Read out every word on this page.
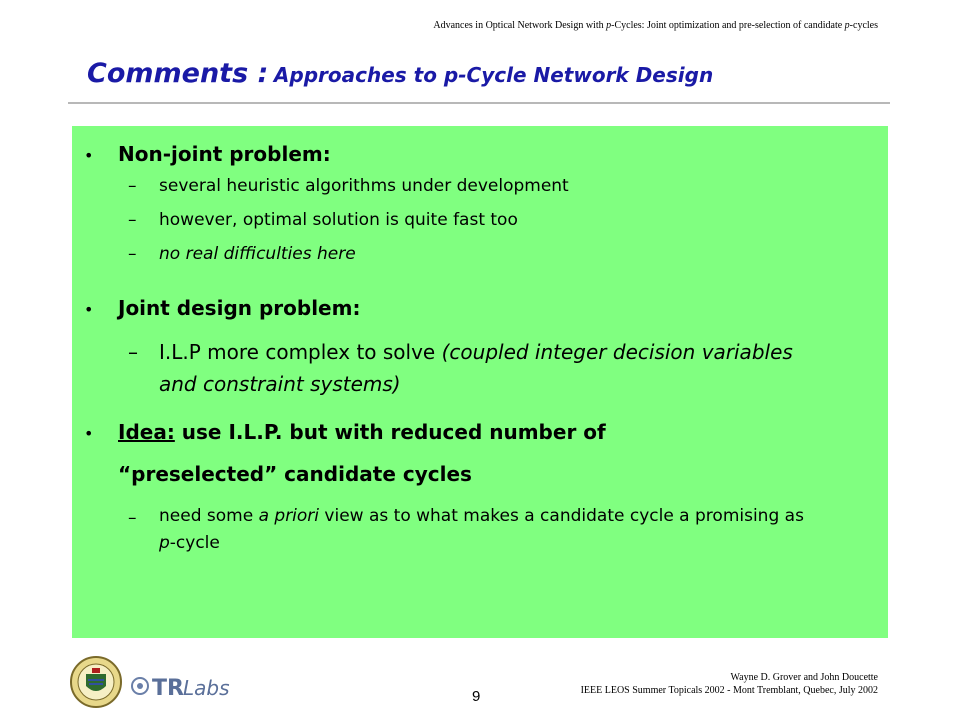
Advances in Optical Network Design with p-Cycles: Joint optimization and pre-selection of candidate p-cycles
Comments : Approaches to p-Cycle Network Design
• Non-joint problem:
– several heuristic algorithms under development
– however, optimal solution is quite fast too
– no real difficulties here
• Joint design problem:
– I.L.P more complex to solve (coupled integer decision variables and constraint systems)
• Idea: use I.L.P. but with reduced number of
“preselected” candidate cycles
– need some a priori view as to what makes a candidate cycle a promising as p-cycle
TR Labs	9
Wayne D. Grover and John Doucette
IEEE LEOS Summer Topicals 2002 - Mont Tremblant, Quebec, July 2002
